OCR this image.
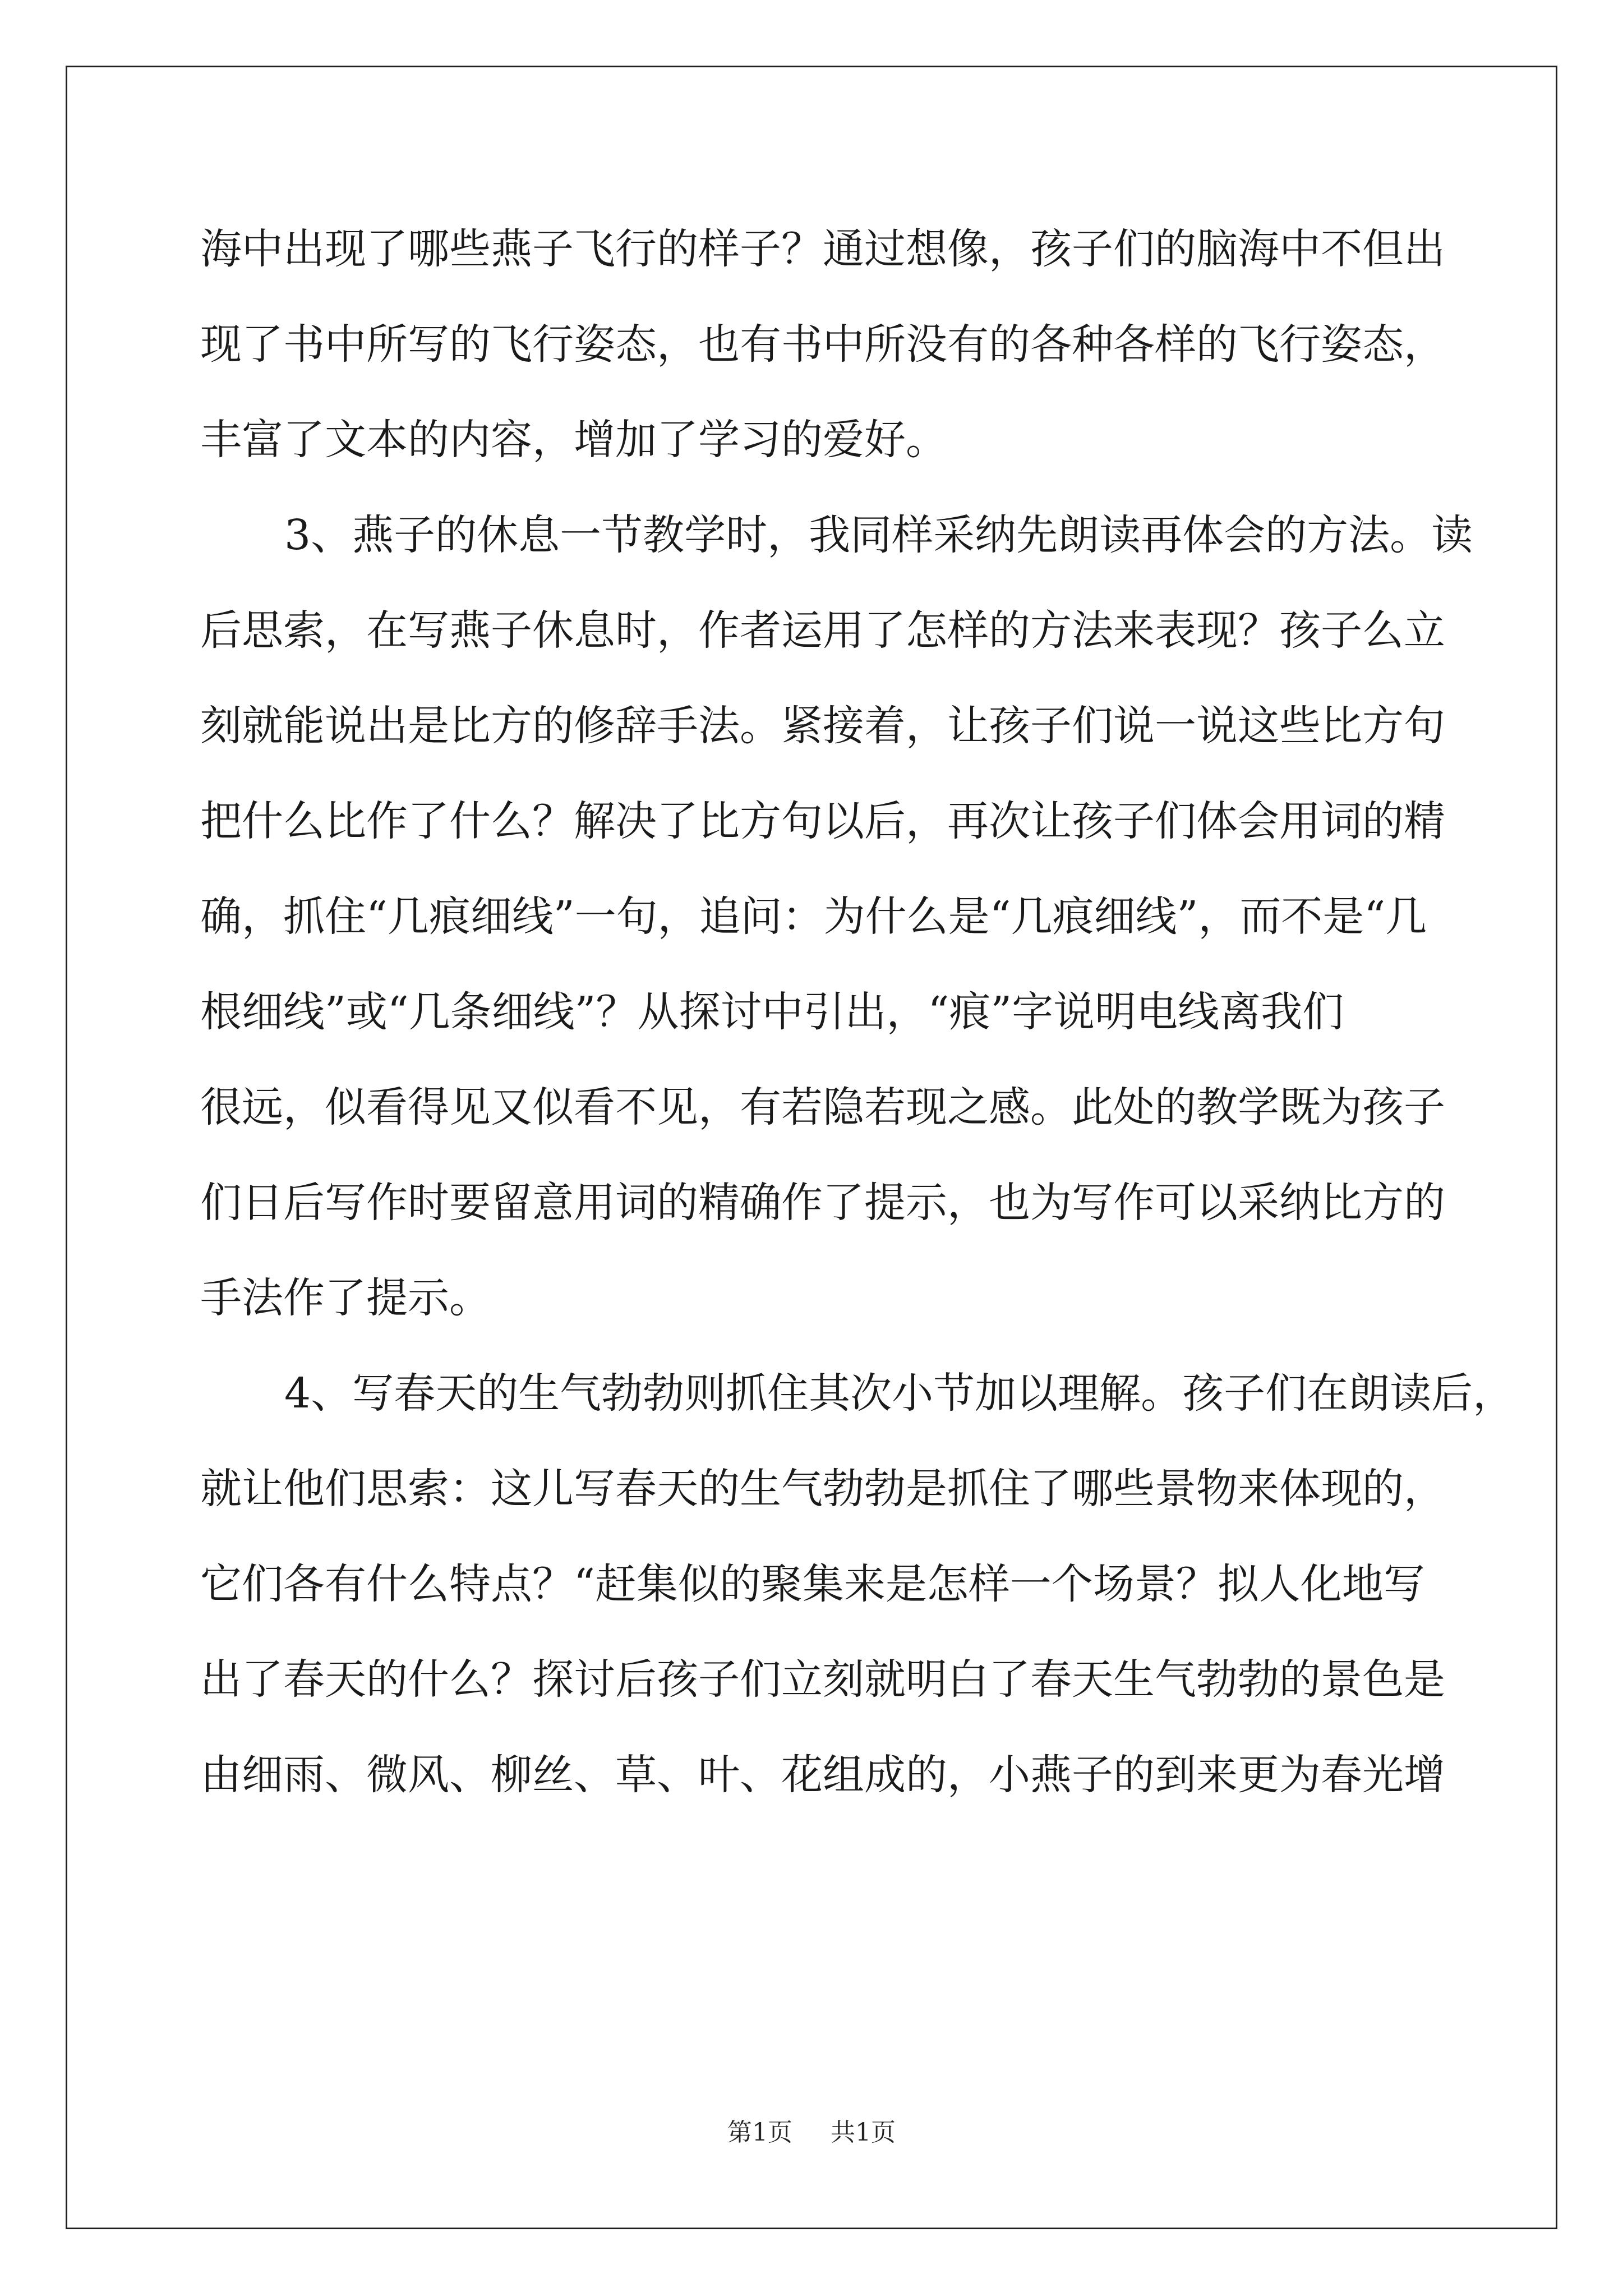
海中出现了哪些燕子飞行的样子？通过想像，孩子们的脑海中不但出
现了书中所写的飞行姿态，也有书中所没有的各种各样的飞行姿态，
丰富了文本的内容，增加了学习的爱好。
3、燕子的休息一节教学时，我同样采纳先朗读再体会的方法。读
后思索，在写燕子休息时，作者运用了怎样的方法来表现？孩子么立
刻就能说出是比方的修辞手法。紧接着，让孩子们说一说这些比方句
把什么比作了什么？解决了比方句以后，再次让孩子们体会用词的精
确，抓住“几痕细线”一句，追问：为什么是“几痕细线”，而不是“几
根细线”或“几条细线”？从探讨中引出，“痕”字说明电线离我们
很远，似看得见又似看不见，有若隐若现之感。此处的教学既为孩子
们日后写作时要留意用词的精确作了提示，也为写作可以采纳比方的
手法作了提示。
4、写春天的生气勃勃则抓住其次小节加以理解。孩子们在朗读后，
就让他们思索：这儿写春天的生气勃勃是抓住了哪些景物来体现的，
它们各有什么特点？“赶集似的聚集来是怎样一个场景？拟人化地写
出了春天的什么？探讨后孩子们立刻就明白了春天生气勃勃的景色是
由细雨、微风、柳丝、草、叶、花组成的，小燕子的到来更为春光增
第1页 共1页
